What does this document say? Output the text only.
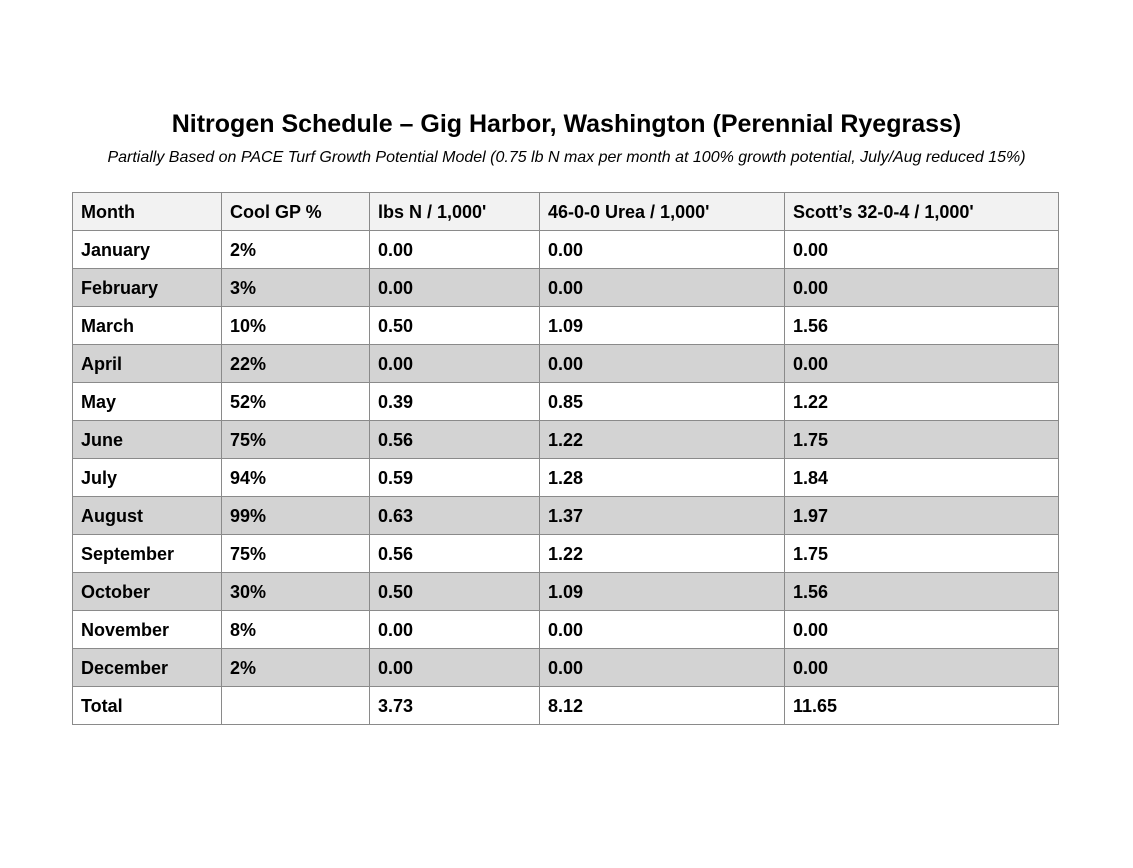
Nitrogen Schedule – Gig Harbor, Washington (Perennial Ryegrass)
Partially Based on PACE Turf Growth Potential Model (0.75 lb N max per month at 100% growth potential, July/Aug reduced 15%)
Month	Cool GP %	lbs N / 1,000'	46-0-0 Urea / 1,000'	Scott’s 32-0-4 / 1,000'
January	2%	0.00	0.00	0.00
February	3%	0.00	0.00	0.00
March	10%	0.50	1.09	1.56
April	22%	0.00	0.00	0.00
May	52%	0.39	0.85	1.22
June	75%	0.56	1.22	1.75
July	94%	0.59	1.28	1.84
August	99%	0.63	1.37	1.97
September	75%	0.56	1.22	1.75
October	30%	0.50	1.09	1.56
November	8%	0.00	0.00	0.00
December	2%	0.00	0.00	0.00
Total		3.73	8.12	11.65
